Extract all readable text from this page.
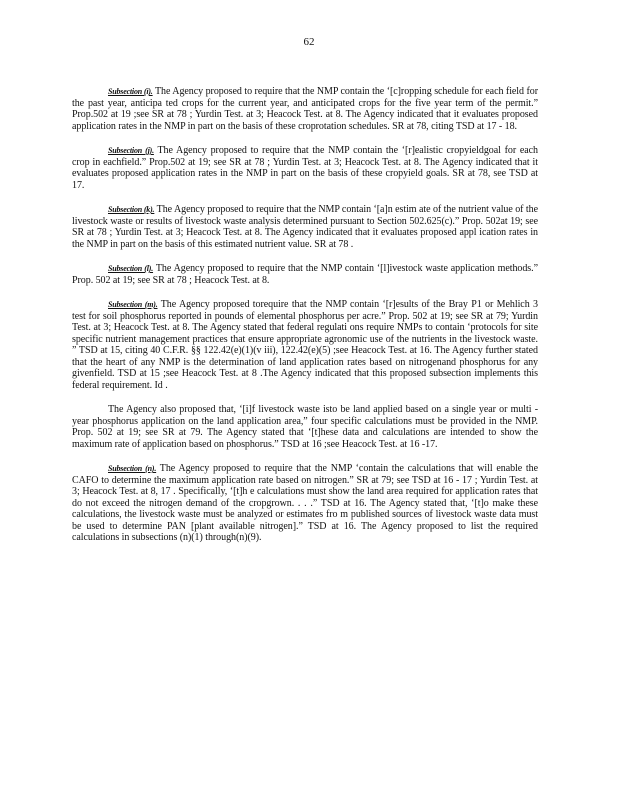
62

Subsection (i). The Agency proposed to require that the NMP contain the ‘[c]ropping schedule for each field for the past year, anticipa ted crops for the current year, and anticipated crops for the five year term of the permit.” Prop.502 at 19 ;see SR at 78 ; Yurdin Test. at 3; Heacock Test. at 8. The Agency indicated that it evaluates proposed application rates in the NMP in part on the basis of these croprotation schedules. SR at 78, citing TSD at 17 - 18.

Subsection (j). The Agency proposed to require that the NMP contain the ‘[r]ealistic cropyieldgoal for each crop in eachfield.” Prop.502 at 19; see SR at 78 ; Yurdin Test. at 3; Heacock Test. at 8. The Agency indicated that it evaluates proposed application rates in the NMP in part on the basis of these cropyield goals. SR at 78, see TSD at 17.

Subsection (k). The Agency proposed to require that the NMP contain ‘[a]n estim ate of the nutrient value of the livestock waste or results of livestock waste analysis determined pursuant to Section 502.625(c).” Prop. 502at 19; see SR at 78 ; Yurdin Test. at 3; Heacock Test. at 8. The Agency indicated that it evaluates proposed appl ication rates in the NMP in part on the basis of this estimated nutrient value. SR at 78 .

Subsection (l). The Agency proposed to require that the NMP contain ‘[l]ivestock waste application methods.” Prop. 502 at 19; see SR at 78 ; Heacock Test. at 8.

Subsection (m). The Agency proposed torequire that the NMP contain ‘[r]esults of the Bray P1 or Mehlich 3 test for soil phosphorus reported in pounds of elemental phosphorus per acre.” Prop. 502 at 19; see SR at 79; Yurdin Test. at 3; Heacock Test. at 8. The Agency stated that federal regulati ons require NMPs to contain ‘protocols for site specific nutrient management practices that ensure appropriate agronomic use of the nutrients in the livestock waste. ” TSD at 15, citing 40 C.F.R. §§ 122.42(e)(1)(v iii), 122.42(e)(5) ;see Heacock Test. at 16. The Agency further stated that the heart of any NMP is the determination of land application rates based on nitrogenand phosphorus for any givenfield. TSD at 15 ;see Heacock Test. at 8 .The Agency indicated that this proposed subsection implements this federal requirement. Id .

The Agency also proposed that, ‘[i]f livestock waste isto be land applied based on a single year or multi -year phosphorus application on the land application area,” four specific calculations must be provided in the NMP. Prop. 502 at 19; see SR at 79. The Agency stated that ‘[t]hese data and calculations are intended to show the maximum rate of application based on phosphorus.” TSD at 16 ;see Heacock Test. at 16 -17.

Subsection (n). The Agency proposed to require that the NMP ‘contain the calculations that will enable the CAFO to determine the maximum application rate based on nitrogen.” SR at 79; see TSD at 16 - 17 ; Yurdin Test. at 3; Heacock Test. at 8, 17 . Specifically, ‘[t]h e calculations must show the land area required for application rates that do not exceed the nitrogen demand of the cropgrown. . . .” TSD at 16. The Agency stated that, ‘[t]o make these calculations, the livestock waste must be analyzed or estimates fro m published sources of livestock waste data must be used to determine PAN [plant available nitrogen].” TSD at 16. The Agency proposed to list the required calculations in subsections (n)(1) through(n)(9).
